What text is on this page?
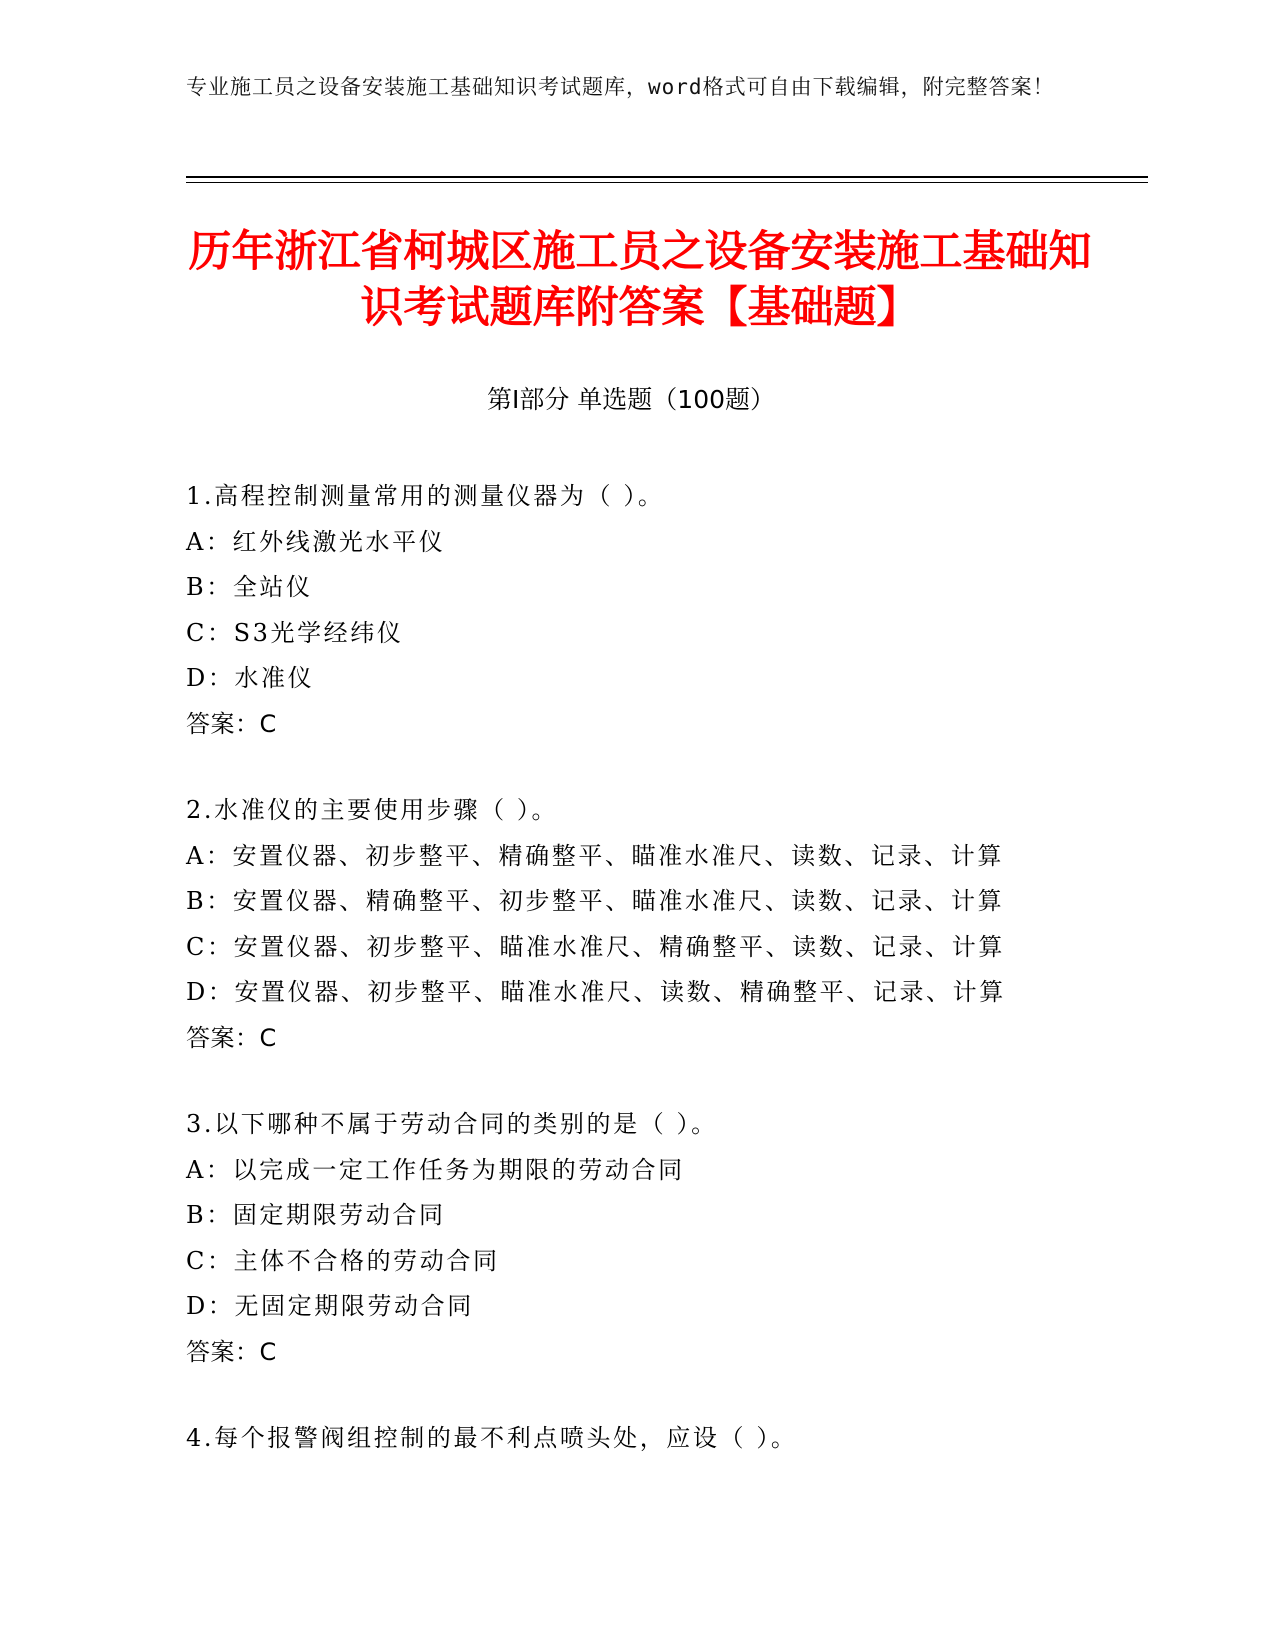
专业施工员之设备安装施工基础知识考试题库，word格式可自由下载编辑，附完整答案！
历年浙江省柯城区施工员之设备安装施工基础知识考试题库附答案【基础题】
第Ⅰ部分 单选题（100题）
1.高程控制测量常用的测量仪器为（ ）。
A：红外线激光水平仪
B：全站仪
C：S3光学经纬仪
D：水准仪
答案：C
2.水准仪的主要使用步骤（ ）。
A：安置仪器、初步整平、精确整平、瞄准水准尺、读数、记录、计算
B：安置仪器、精确整平、初步整平、瞄准水准尺、读数、记录、计算
C：安置仪器、初步整平、瞄准水准尺、精确整平、读数、记录、计算
D：安置仪器、初步整平、瞄准水准尺、读数、精确整平、记录、计算
答案：C
3.以下哪种不属于劳动合同的类别的是（ ）。
A：以完成一定工作任务为期限的劳动合同
B：固定期限劳动合同
C：主体不合格的劳动合同
D：无固定期限劳动合同
答案：C
4.每个报警阀组控制的最不利点喷头处，应设（ ）。
